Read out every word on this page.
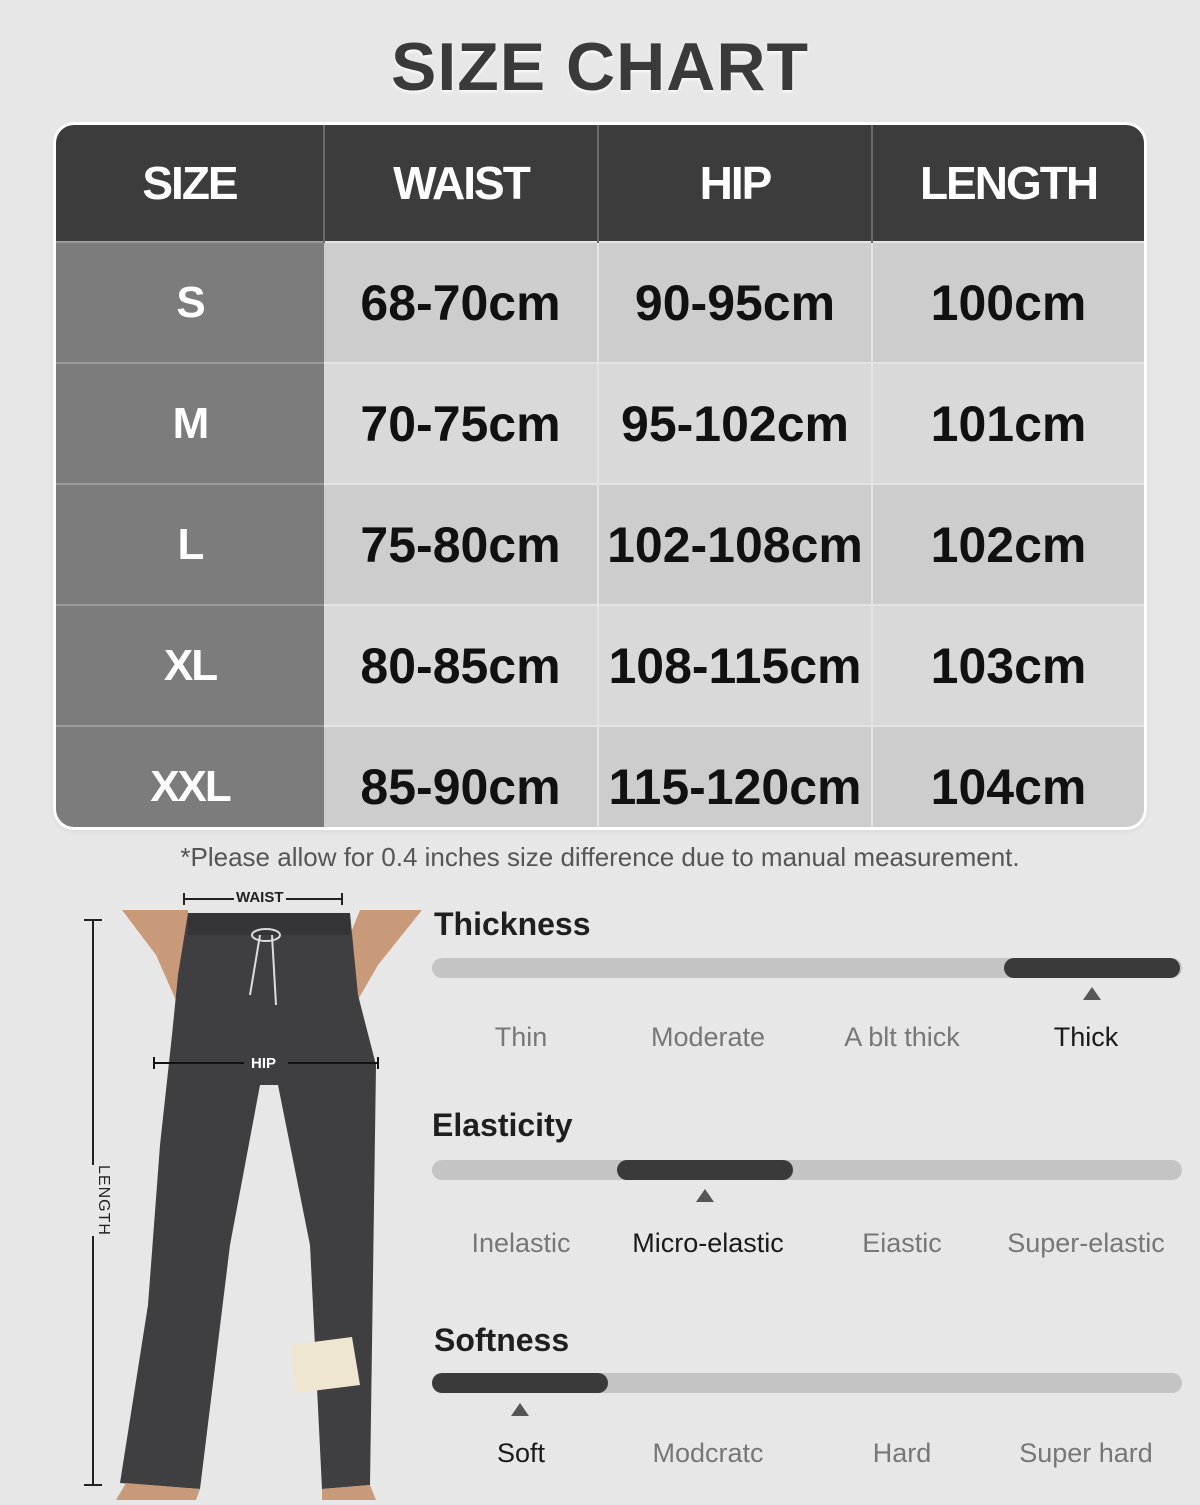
SIZE CHART
SIZE	WAIST	HIP	LENGTH
S	68-70cm	90-95cm	100cm
M	70-75cm	95-102cm	101cm
L	75-80cm	102-108cm	102cm
XL	80-85cm	108-115cm	103cm
XXL	85-90cm	115-120cm	104cm
*Please allow for 0.4 inches size difference due to manual measurement.
WAIST
HIP
LENGTH
Thickness
Thin	Moderate	A blt thick	Thick
Elasticity
Inelastic	Micro-elastic	Eiastic	Super-elastic
Softness
Soft	Modcratc	Hard	Super hard
